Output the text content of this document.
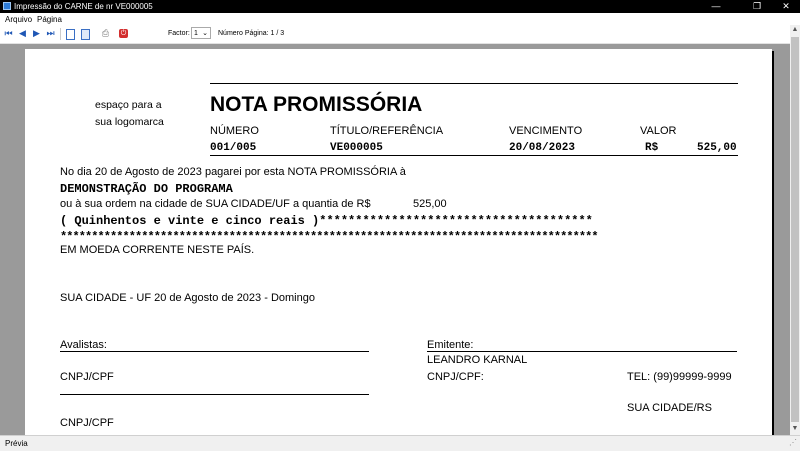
Impressão do CARNE de nr VE000005	—	❐	✕
Arquivo Página
⏮ ◀ ▶ ⏭	⎙ ⏻	Factor: 1 ⌄ Número Página: 1 / 3
espaço para a
sua logomarca
NOTA PROMISSÓRIA
NÚMERO	TÍTULO/REFERÊNCIA	VENCIMENTO	VALOR
001/005	VE000005	20/08/2023	R$	525,00
No dia 20 de Agosto de 2023 pagarei por esta NOTA PROMISSÓRIA à
DEMONSTRAÇÃO DO PROGRAMA
ou à sua ordem na cidade de SUA CIDADE/UF a quantia de R$	525,00
( Quinhentos e vinte e cinco reais )**************************************
**************************************************************************************
EM MOEDA CORRENTE NESTE PAÍS.
SUA CIDADE - UF 20 de Agosto de 2023 - Domingo
Avalistas:	Emitente:
LEANDRO KARNAL
CNPJ/CPF	CNPJ/CPF:	TEL: (99)99999-9999
SUA CIDADE/RS
CNPJ/CPF
▲
▼
Prévia	⋰
